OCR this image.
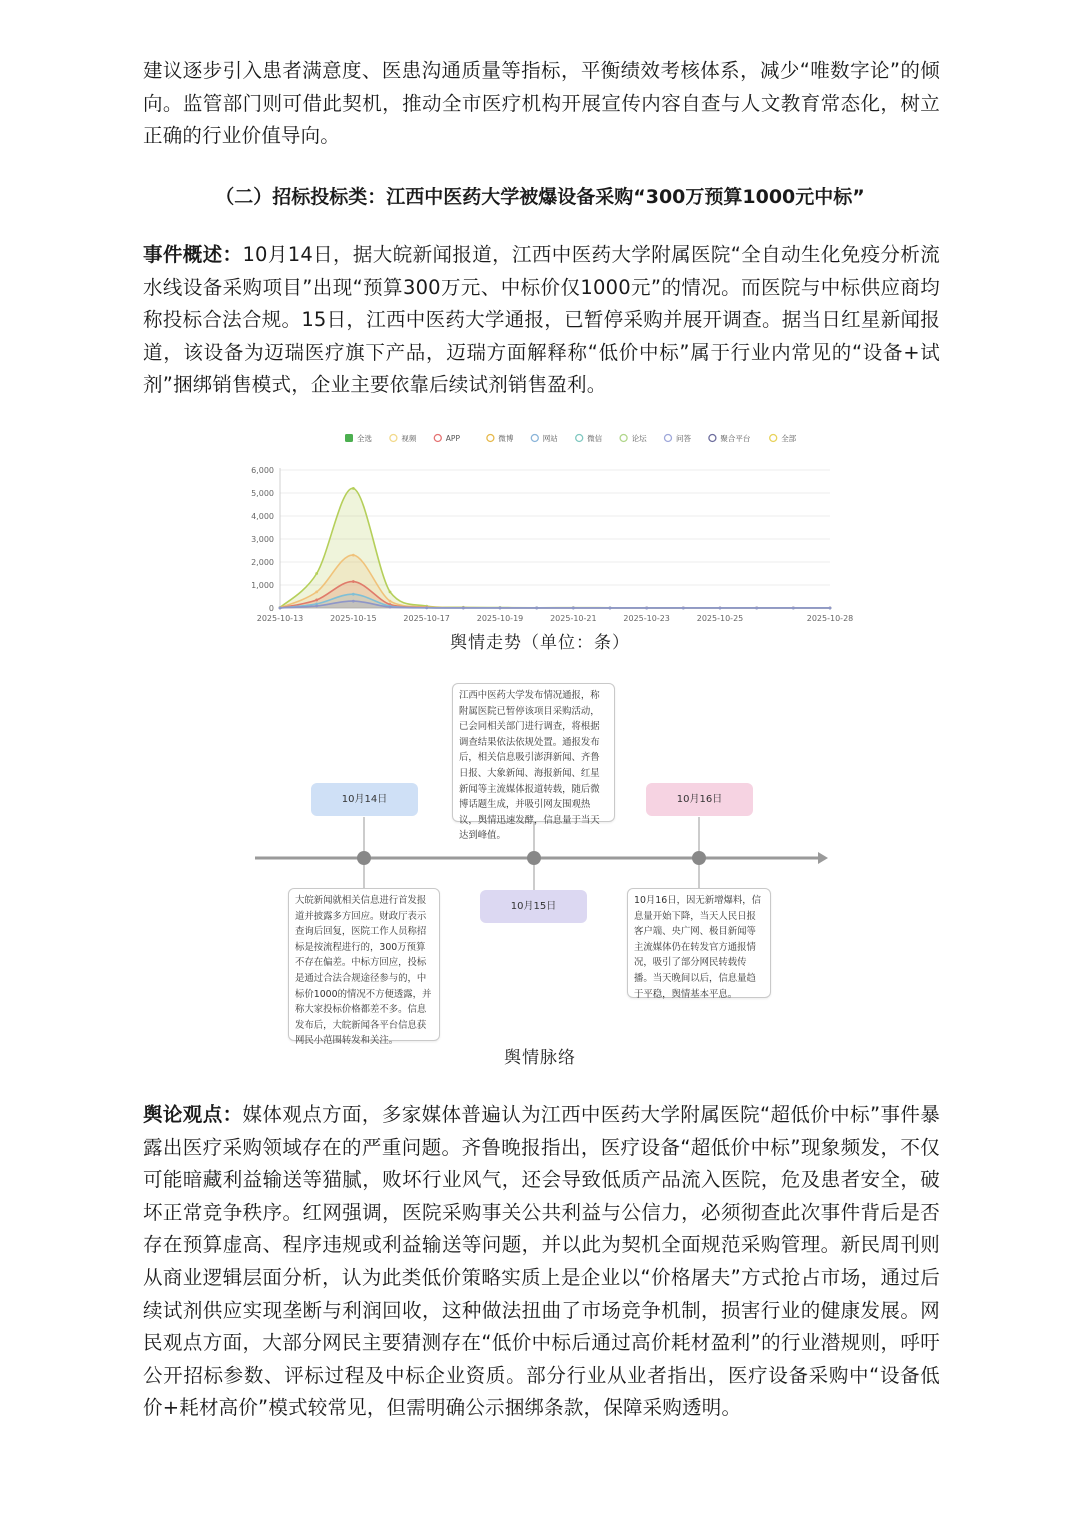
建议逐步引入患者满意度、医患沟通质量等指标，平衡绩效考核体系，减少“唯数字论”的倾向。监管部门则可借此契机，推动全市医疗机构开展宣传内容自查与人文教育常态化，树立正确的行业价值导向。

（二）招标投标类：江西中医药大学被爆设备采购“300万预算1000元中标”

事件概述：10月14日，据大皖新闻报道，江西中医药大学附属医院“全自动生化免疫分析流水线设备采购项目”出现“预算300万元、中标价仅1000元”的情况。而医院与中标供应商均称投标合法合规。15日，江西中医药大学通报，已暂停采购并展开调查。据当日红星新闻报道，该设备为迈瑞医疗旗下产品，迈瑞方面解释称“低价中标”属于行业内常见的“设备+试剂”捆绑销售模式，企业主要依靠后续试剂销售盈利。

全选	视频	APP	微博	网站	微信	论坛	问答	聚合平台	全部
6,000
5,000
4,000
3,000
2,000
1,000
0
2025-10-13	2025-10-15	2025-10-17	2025-10-19	2025-10-21	2025-10-23	2025-10-25	2025-10-28
舆情走势（单位：条）
10月14日
10月15日
10月16日
大皖新闻就相关信息进行首发报道并披露多方回应。财政厅表示查询后回复，医院工作人员称招标是按流程进行的，300万预算不存在偏差。中标方回应，投标是通过合法合规途径参与的，中标价1000的情况不方便透露，并称大家投标价格都差不多。信息发布后，大皖新闻各平台信息获网民小范围转发和关注。
江西中医药大学发布情况通报，称附属医院已暂停该项目采购活动，已会同相关部门进行调查，将根据调查结果依法依规处置。通报发布后，相关信息吸引澎湃新闻、齐鲁日报、大象新闻、海报新闻、红星新闻等主流媒体报道转载，随后微博话题生成，并吸引网友围观热议，舆情迅速发酵，信息量于当天达到峰值。
10月16日，因无新增爆料，信息量开始下降，当天人民日报客户端、央广网、极目新闻等主流媒体仍在转发官方通报情况，吸引了部分网民转载传播。当天晚间以后，信息量趋于平稳，舆情基本平息。
舆情脉络

舆论观点：媒体观点方面，多家媒体普遍认为江西中医药大学附属医院“超低价中标”事件暴露出医疗采购领域存在的严重问题。齐鲁晚报指出，医疗设备“超低价中标”现象频发，不仅可能暗藏利益输送等猫腻，败坏行业风气，还会导致低质产品流入医院，危及患者安全，破坏正常竞争秩序。红网强调，医院采购事关公共利益与公信力，必须彻查此次事件背后是否存在预算虚高、程序违规或利益输送等问题，并以此为契机全面规范采购管理。新民周刊则从商业逻辑层面分析，认为此类低价策略实质上是企业以“价格屠夫”方式抢占市场，通过后续试剂供应实现垄断与利润回收，这种做法扭曲了市场竞争机制，损害行业的健康发展。网民观点方面，大部分网民主要猜测存在“低价中标后通过高价耗材盈利”的行业潜规则，呼吁公开招标参数、评标过程及中标企业资质。部分行业从业者指出，医疗设备采购中“设备低价+耗材高价”模式较常见，但需明确公示捆绑条款，保障采购透明。
